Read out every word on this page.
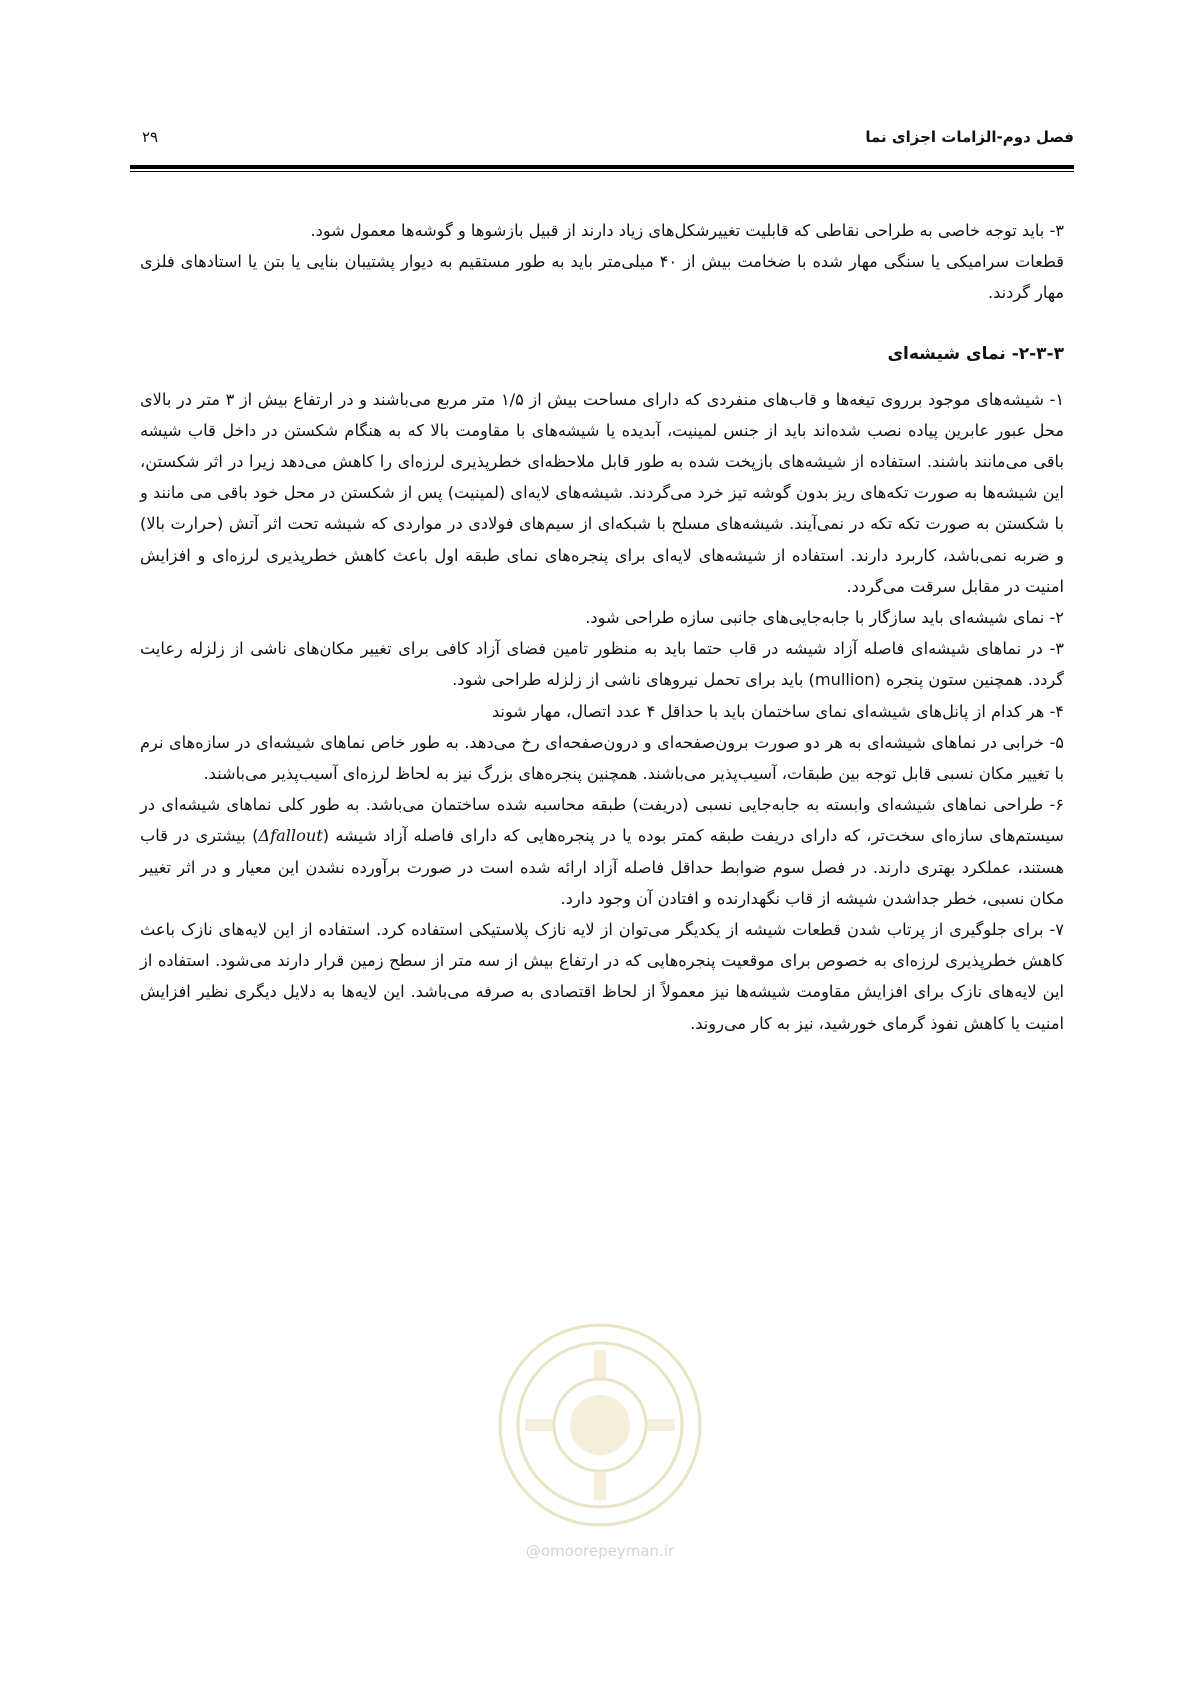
فصل دوم-الزامات اجزای نما
۲۹

۳- باید توجه خاصی به طراحی نقاطی که قابلیت تغییرشکل‌های زیاد دارند از قبیل بازشوها و گوشه‌ها معمول شود.

قطعات سرامیکی یا سنگی مهار شده با ضخامت بیش از ۴۰ میلی‌متر باید به طور مستقیم به دیوار پشتیبان بنایی یا بتن یا استادهای فلزی مهار گردند.

۲-۳-۳- نمای شیشه‌ای

۱- شیشه‌های موجود برروی تیغه‌ها و قاب‌های منفردی که دارای مساحت بیش از ۱/۵ متر مربع می‌باشند و در ارتفاع بیش از ۳ متر در بالای محل عبور عابرین پیاده نصب شده‌اند باید از جنس لمینیت، آبدیده یا شیشه‌های با مقاومت بالا که به هنگام شکستن در داخل قاب شیشه باقی می‌مانند باشند. استفاده از شیشه‌های بازپخت شده به طور قابل ملاحظه‌ای خطرپذیری لرزه‌ای را کاهش می‌دهد زیرا در اثر شکستن، این شیشه‌ها به صورت تکه‌های ریز بدون گوشه تیز خرد می‌گردند. شیشه‌های لایه‌ای (لمینیت) پس از شکستن در محل خود باقی می مانند و با شکستن به صورت تکه تکه در نمی‌آیند. شیشه‌های مسلح با شبکه‌ای از سیم‌های فولادی در مواردی که شیشه تحت اثر آتش (حرارت بالا) و ضربه نمی‌باشد، کاربرد دارند. استفاده از شیشه‌های لایه‌ای برای پنجره‌های نمای طبقه اول باعث کاهش خطرپذیری لرزه‌ای و افزایش امنیت در مقابل سرقت می‌گردد.

۲- نمای شیشه‌ای باید سازگار با جابه‌جایی‌های جانبی سازه طراحی شود.

۳- در نماهای شیشه‌ای فاصله آزاد شیشه در قاب حتما باید به منظور تامین فضای آزاد کافی برای تغییر مکان‌های ناشی از زلزله رعایت گردد. همچنین ستون پنجره (mullion) باید برای تحمل نیروهای ناشی از زلزله طراحی شود.

۴- هر کدام از پانل‌های شیشه‌ای نمای ساختمان باید با حداقل ۴ عدد اتصال، مهار شوند

۵- خرابی در نماهای شیشه‌ای به هر دو صورت برون‌صفحه‌ای و درون‌صفحه‌ای رخ می‌دهد. به طور خاص نماهای شیشه‌ای در سازه‌های نرم با تغییر مکان نسبی قابل توجه بین طبقات، آسیب‌پذیر می‌باشند. همچنین پنجره‌های بزرگ نیز به لحاظ لرزه‌ای آسیب‌پذیر می‌باشند.

۶- طراحی نماهای شیشه‌ای وابسته به جابه‌جایی نسبی (دریفت) طبقه محاسبه شده ساختمان می‌باشد. به طور کلی نماهای شیشه‌ای در سیستم‌های سازه‌ای سخت‌تر، که دارای دریفت طبقه کمتر بوده یا در پنجره‌هایی که دارای فاصله آزاد شیشه (Δfallout) بیشتری در قاب هستند، عملکرد بهتری دارند. در فصل سوم ضوابط حداقل فاصله آزاد ارائه شده است در صورت برآورده نشدن این معیار و در اثر تغییر مکان نسبی، خطر جداشدن شیشه از قاب نگهدارنده و افتادن آن وجود دارد.

۷- برای جلوگیری از پرتاب شدن قطعات شیشه از یکدیگر می‌توان از لایه نازک پلاستیکی استفاده کرد. استفاده از این لایه‌های نازک باعث کاهش خطرپذیری لرزه‌ای به خصوص برای موقعیت پنجره‌هایی که در ارتفاع بیش از سه متر از سطح زمین قرار دارند می‌شود. استفاده از این لایه‌های نازک برای افزایش مقاومت شیشه‌ها نیز معمولاً از لحاظ اقتصادی به صرفه می‌باشد. این لایه‌ها به دلایل دیگری نظیر افزایش امنیت یا کاهش نفوذ گرمای خورشید، نیز به کار می‌روند.

@omoorepeyman.ir
